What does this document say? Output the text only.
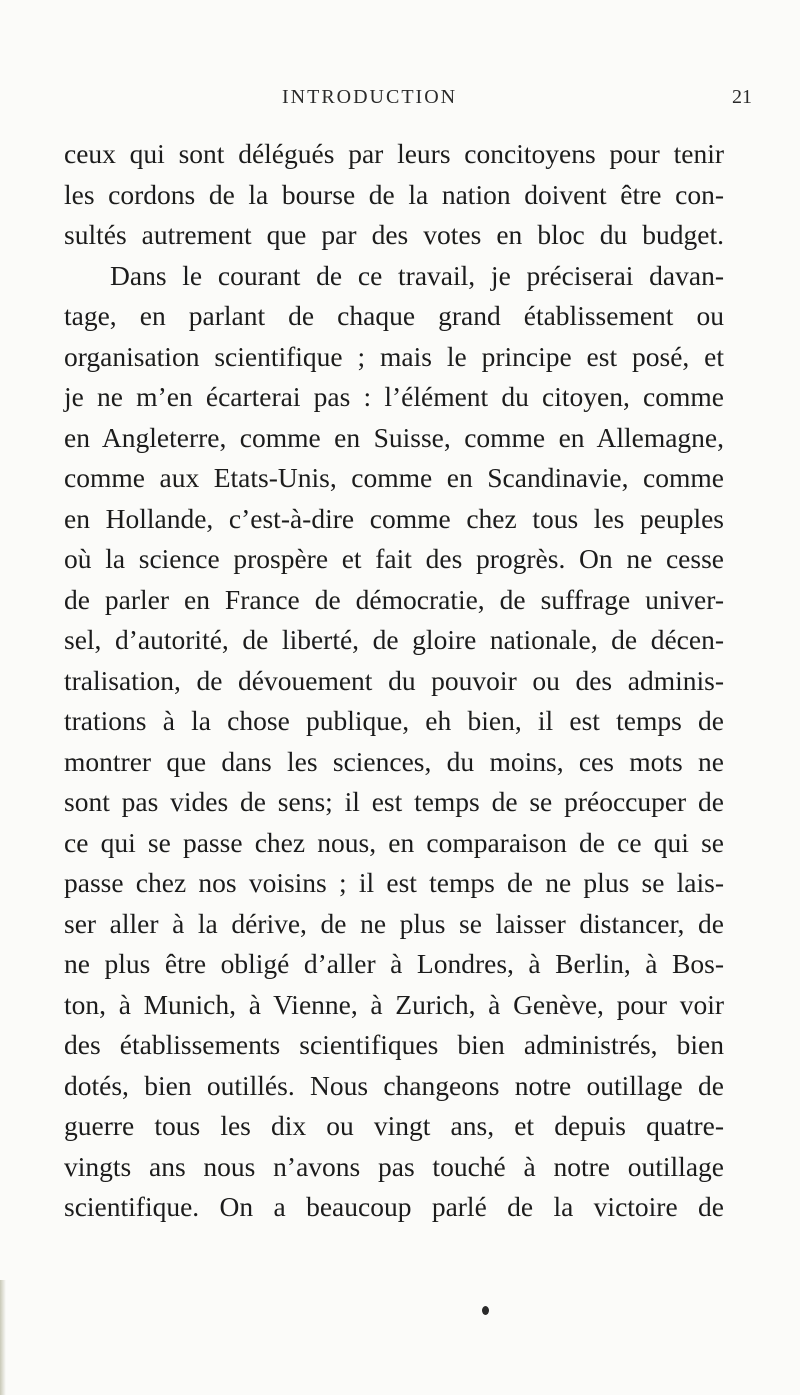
INTRODUCTION	21
ceux qui sont délégués par leurs concitoyens pour tenir
les cordons de la bourse de la nation doivent être con-
sultés autrement que par des votes en bloc du budget.
Dans le courant de ce travail, je préciserai davan-
tage, en parlant de chaque grand établissement ou
organisation scientifique ; mais le principe est posé, et
je ne m’en écarterai pas : l’élément du citoyen, comme
en Angleterre, comme en Suisse, comme en Allemagne,
comme aux Etats-Unis, comme en Scandinavie, comme
en Hollande, c’est-à-dire comme chez tous les peuples
où la science prospère et fait des progrès. On ne cesse
de parler en France de démocratie, de suffrage univer-
sel, d’autorité, de liberté, de gloire nationale, de décen-
tralisation, de dévouement du pouvoir ou des adminis-
trations à la chose publique, eh bien, il est temps de
montrer que dans les sciences, du moins, ces mots ne
sont pas vides de sens; il est temps de se préoccuper de
ce qui se passe chez nous, en comparaison de ce qui se
passe chez nos voisins ; il est temps de ne plus se lais-
ser aller à la dérive, de ne plus se laisser distancer, de
ne plus être obligé d’aller à Londres, à Berlin, à Bos-
ton, à Munich, à Vienne, à Zurich, à Genève, pour voir
des établissements scientifiques bien administrés, bien
dotés, bien outillés. Nous changeons notre outillage de
guerre tous les dix ou vingt ans, et depuis quatre-
vingts ans nous n’avons pas touché à notre outillage
scientifique. On a beaucoup parlé de la victoire de
